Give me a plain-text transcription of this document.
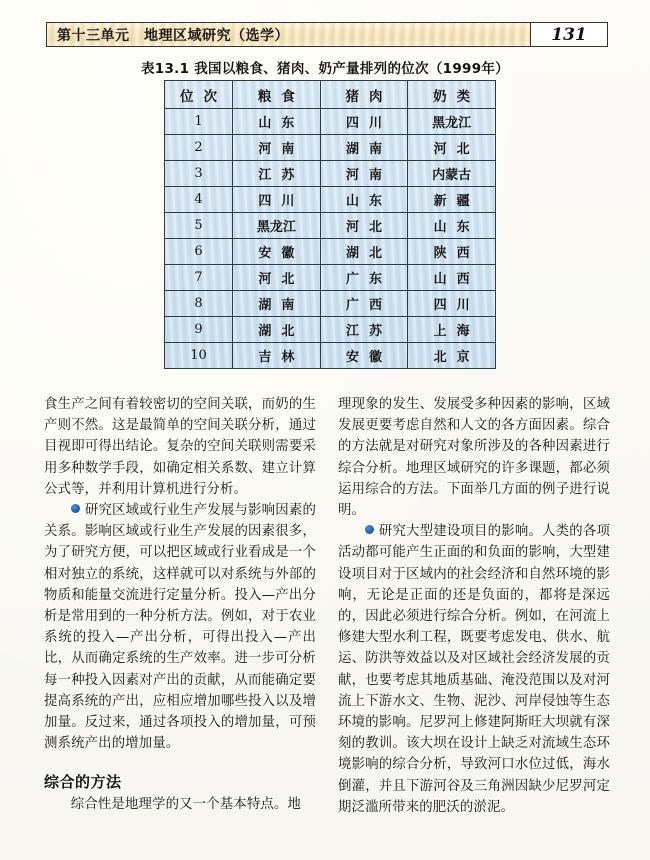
第十三单元　地理区域研究（选学）	131
表13.1 我国以粮食、猪肉、奶产量排列的位次（1999年）
位次	粮食	猪肉	奶类
1	山东	四川	黑龙江
2	河南	湖南	河北
3	江苏	河南	内蒙古
4	四川	山东	新疆
5	黑龙江	河北	山东
6	安徽	湖北	陕西
7	河北	广东	山西
8	湖南	广西	四川
9	湖北	江苏	上海
10	吉林	安徽	北京

食生产之间有着较密切的空间关联，而奶的生产则不然。这是最简单的空间关联分析，通过目视即可得出结论。复杂的空间关联则需要采用多种数学手段，如确定相关系数、建立计算公式等，并利用计算机进行分析。

研究区域或行业生产发展与影响因素的关系。影响区域或行业生产发展的因素很多，为了研究方便，可以把区域或行业看成是一个相对独立的系统，这样就可以对系统与外部的物质和能量交流进行定量分析。投入—产出分析是常用到的一种分析方法。例如，对于农业系统的投入—产出分析，可得出投入—产出比，从而确定系统的生产效率。进一步可分析每一种投入因素对产出的贡献，从而能确定要提高系统的产出，应相应增加哪些投入以及增加量。反过来，通过各项投入的增加量，可预测系统产出的增加量。

综合的方法

综合性是地理学的又一个基本特点。地

理现象的发生、发展受多种因素的影响，区域发展更要考虑自然和人文的各方面因素。综合的方法就是对研究对象所涉及的各种因素进行综合分析。地理区域研究的许多课题，都必须运用综合的方法。下面举几方面的例子进行说明。

研究大型建设项目的影响。人类的各项活动都可能产生正面的和负面的影响，大型建设项目对于区域内的社会经济和自然环境的影响，无论是正面的还是负面的，都将是深远的，因此必须进行综合分析。例如，在河流上修建大型水利工程，既要考虑发电、供水、航运、防洪等效益以及对区域社会经济发展的贡献，也要考虑其地质基础、淹没范围以及对河流上下游水文、生物、泥沙、河岸侵蚀等生态环境的影响。尼罗河上修建阿斯旺大坝就有深刻的教训。该大坝在设计上缺乏对流域生态环境影响的综合分析，导致河口水位过低，海水倒灌，并且下游河谷及三角洲因缺少尼罗河定期泛滥所带来的肥沃的淤泥。
